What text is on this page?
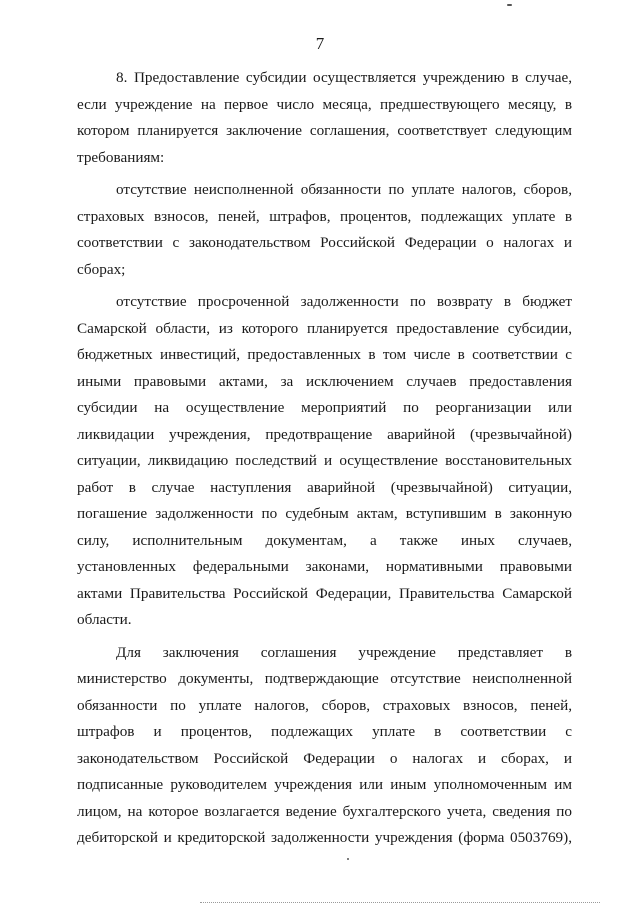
7
8. Предоставление субсидии осуществляется учреждению в случае,
если учреждение на первое число месяца, предшествующего месяцу, в
котором планируется заключение соглашения, соответствует следующим
требованиям:
отсутствие неисполненной обязанности по уплате налогов, сборов,
страховых взносов, пеней, штрафов, процентов, подлежащих уплате в
соответствии с законодательством Российской Федерации о налогах и
сборах;
отсутствие просроченной задолженности по возврату в бюджет
Самарской области, из которого планируется предоставление субсидии,
бюджетных инвестиций, предоставленных в том числе в соответствии с
иными правовыми актами, за исключением случаев предоставления
субсидии на осуществление мероприятий по реорганизации или
ликвидации учреждения, предотвращение аварийной (чрезвычайной)
ситуации, ликвидацию последствий и осуществление восстановительных
работ в случае наступления аварийной (чрезвычайной) ситуации,
погашение задолженности по судебным актам, вступившим в законную
силу, исполнительным документам, а также иных случаев,
установленных федеральными законами, нормативными правовыми
актами Правительства Российской Федерации, Правительства Самарской
области.
Для заключения соглашения учреждение представляет в
министерство документы, подтверждающие отсутствие неисполненной
обязанности по уплате налогов, сборов, страховых взносов, пеней,
штрафов и процентов, подлежащих уплате в соответствии с
законодательством Российской Федерации о налогах и сборах, и
подписанные руководителем учреждения или иным уполномоченным им
лицом, на которое возлагается ведение бухгалтерского учета, сведения по
дебиторской и кредиторской задолженности учреждения (форма 0503769),
